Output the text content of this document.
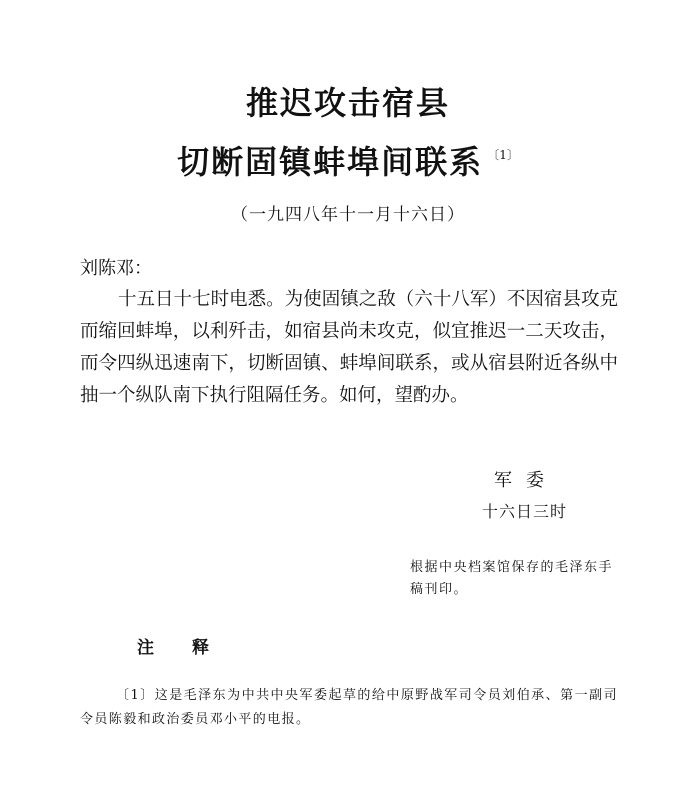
推迟攻击宿县
切断固镇蚌埠间联系 $^{〔1〕}$
（一九四八年十一月十六日）
刘陈邓：
十五日十七时电悉。为使固镇之敌（六十八军）不因宿县攻克而缩回蚌埠，以利歼击，如宿县尚未攻克，似宜推迟一二天攻击，而令四纵迅速南下，切断固镇、蚌埠间联系，或从宿县附近各纵中抽一个纵队南下执行阻隔任务。如何，望酌办。
军委
十六日三时
根据中央档案馆保存的毛泽东手稿刊印。
注释
〔1〕这是毛泽东为中共中央军委起草的给中原野战军司令员刘伯承、第一副司令员陈毅和政治委员邓小平的电报。
